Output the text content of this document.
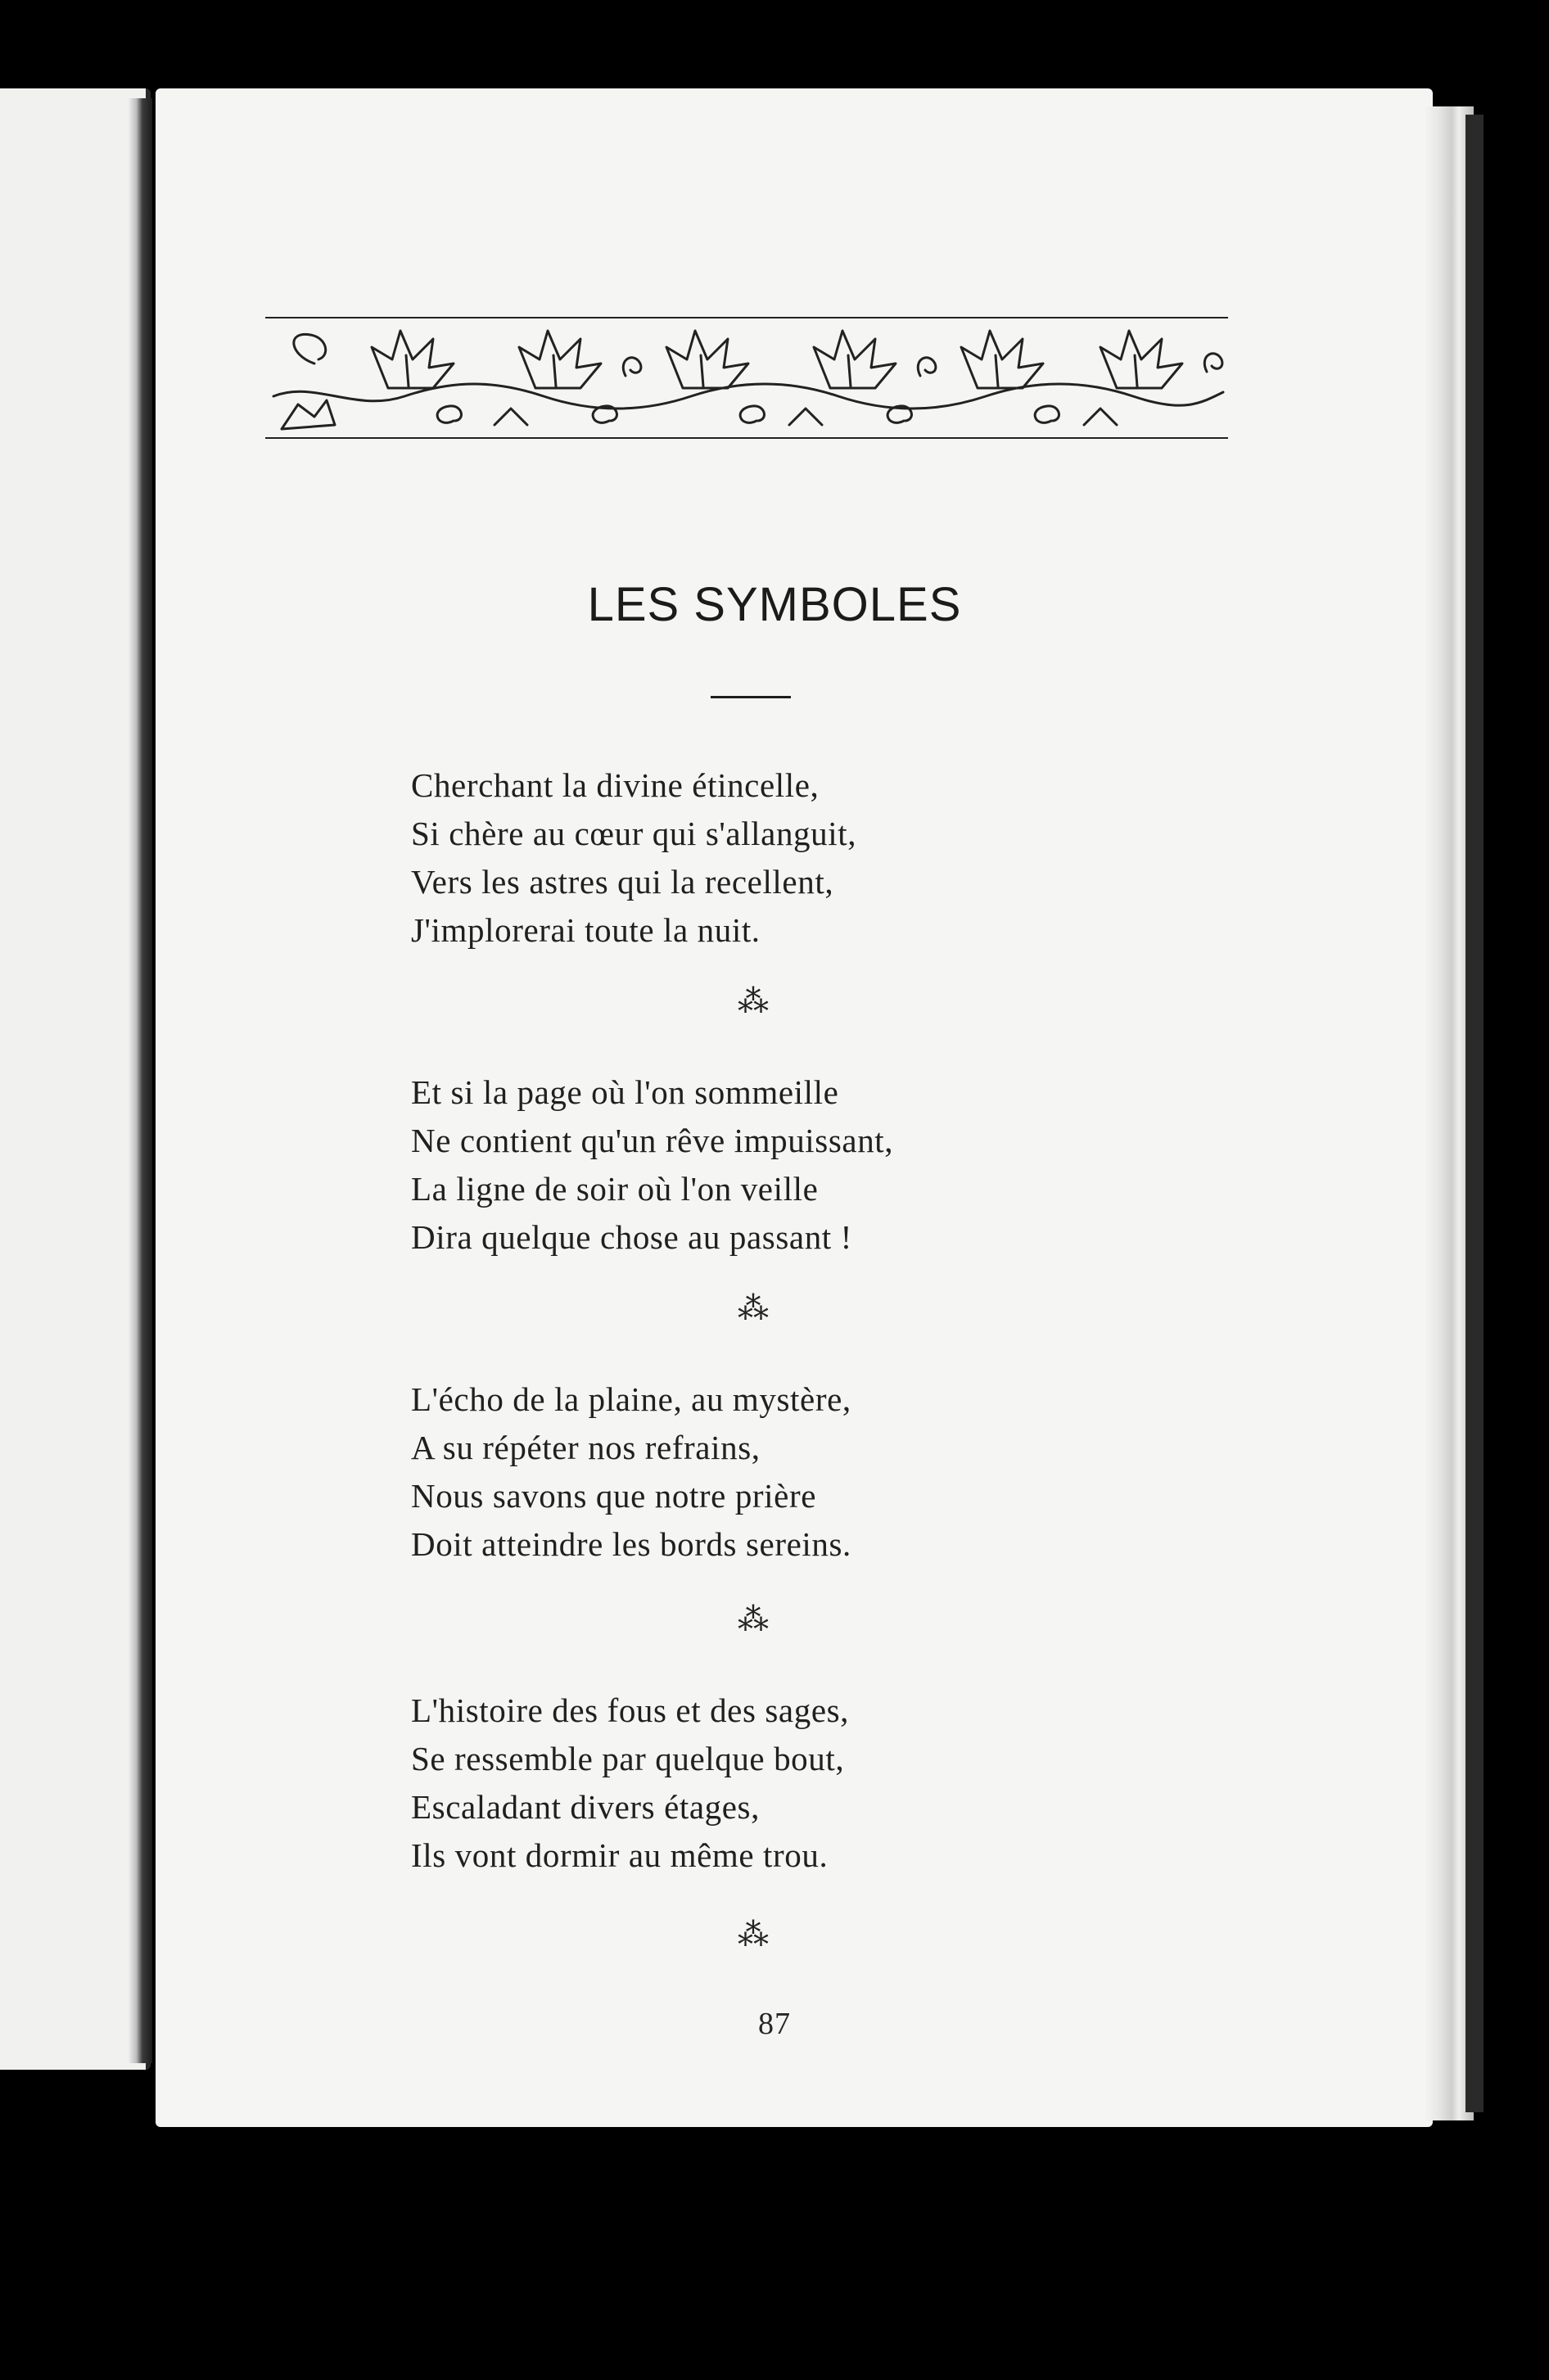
LES SYMBOLES
Cherchant la divine étincelle,
Si chère au cœur qui s'allanguit,
Vers les astres qui la recellent,
J'implorerai toute la nuit.
⁂
Et si la page où l'on sommeille
Ne contient qu'un rêve impuissant,
La ligne de soir où l'on veille
Dira quelque chose au passant !
⁂
L'écho de la plaine, au mystère,
A su répéter nos refrains,
Nous savons que notre prière
Doit atteindre les bords sereins.
⁂
L'histoire des fous et des sages,
Se ressemble par quelque bout,
Escaladant divers étages,
Ils vont dormir au même trou.
⁂
87
